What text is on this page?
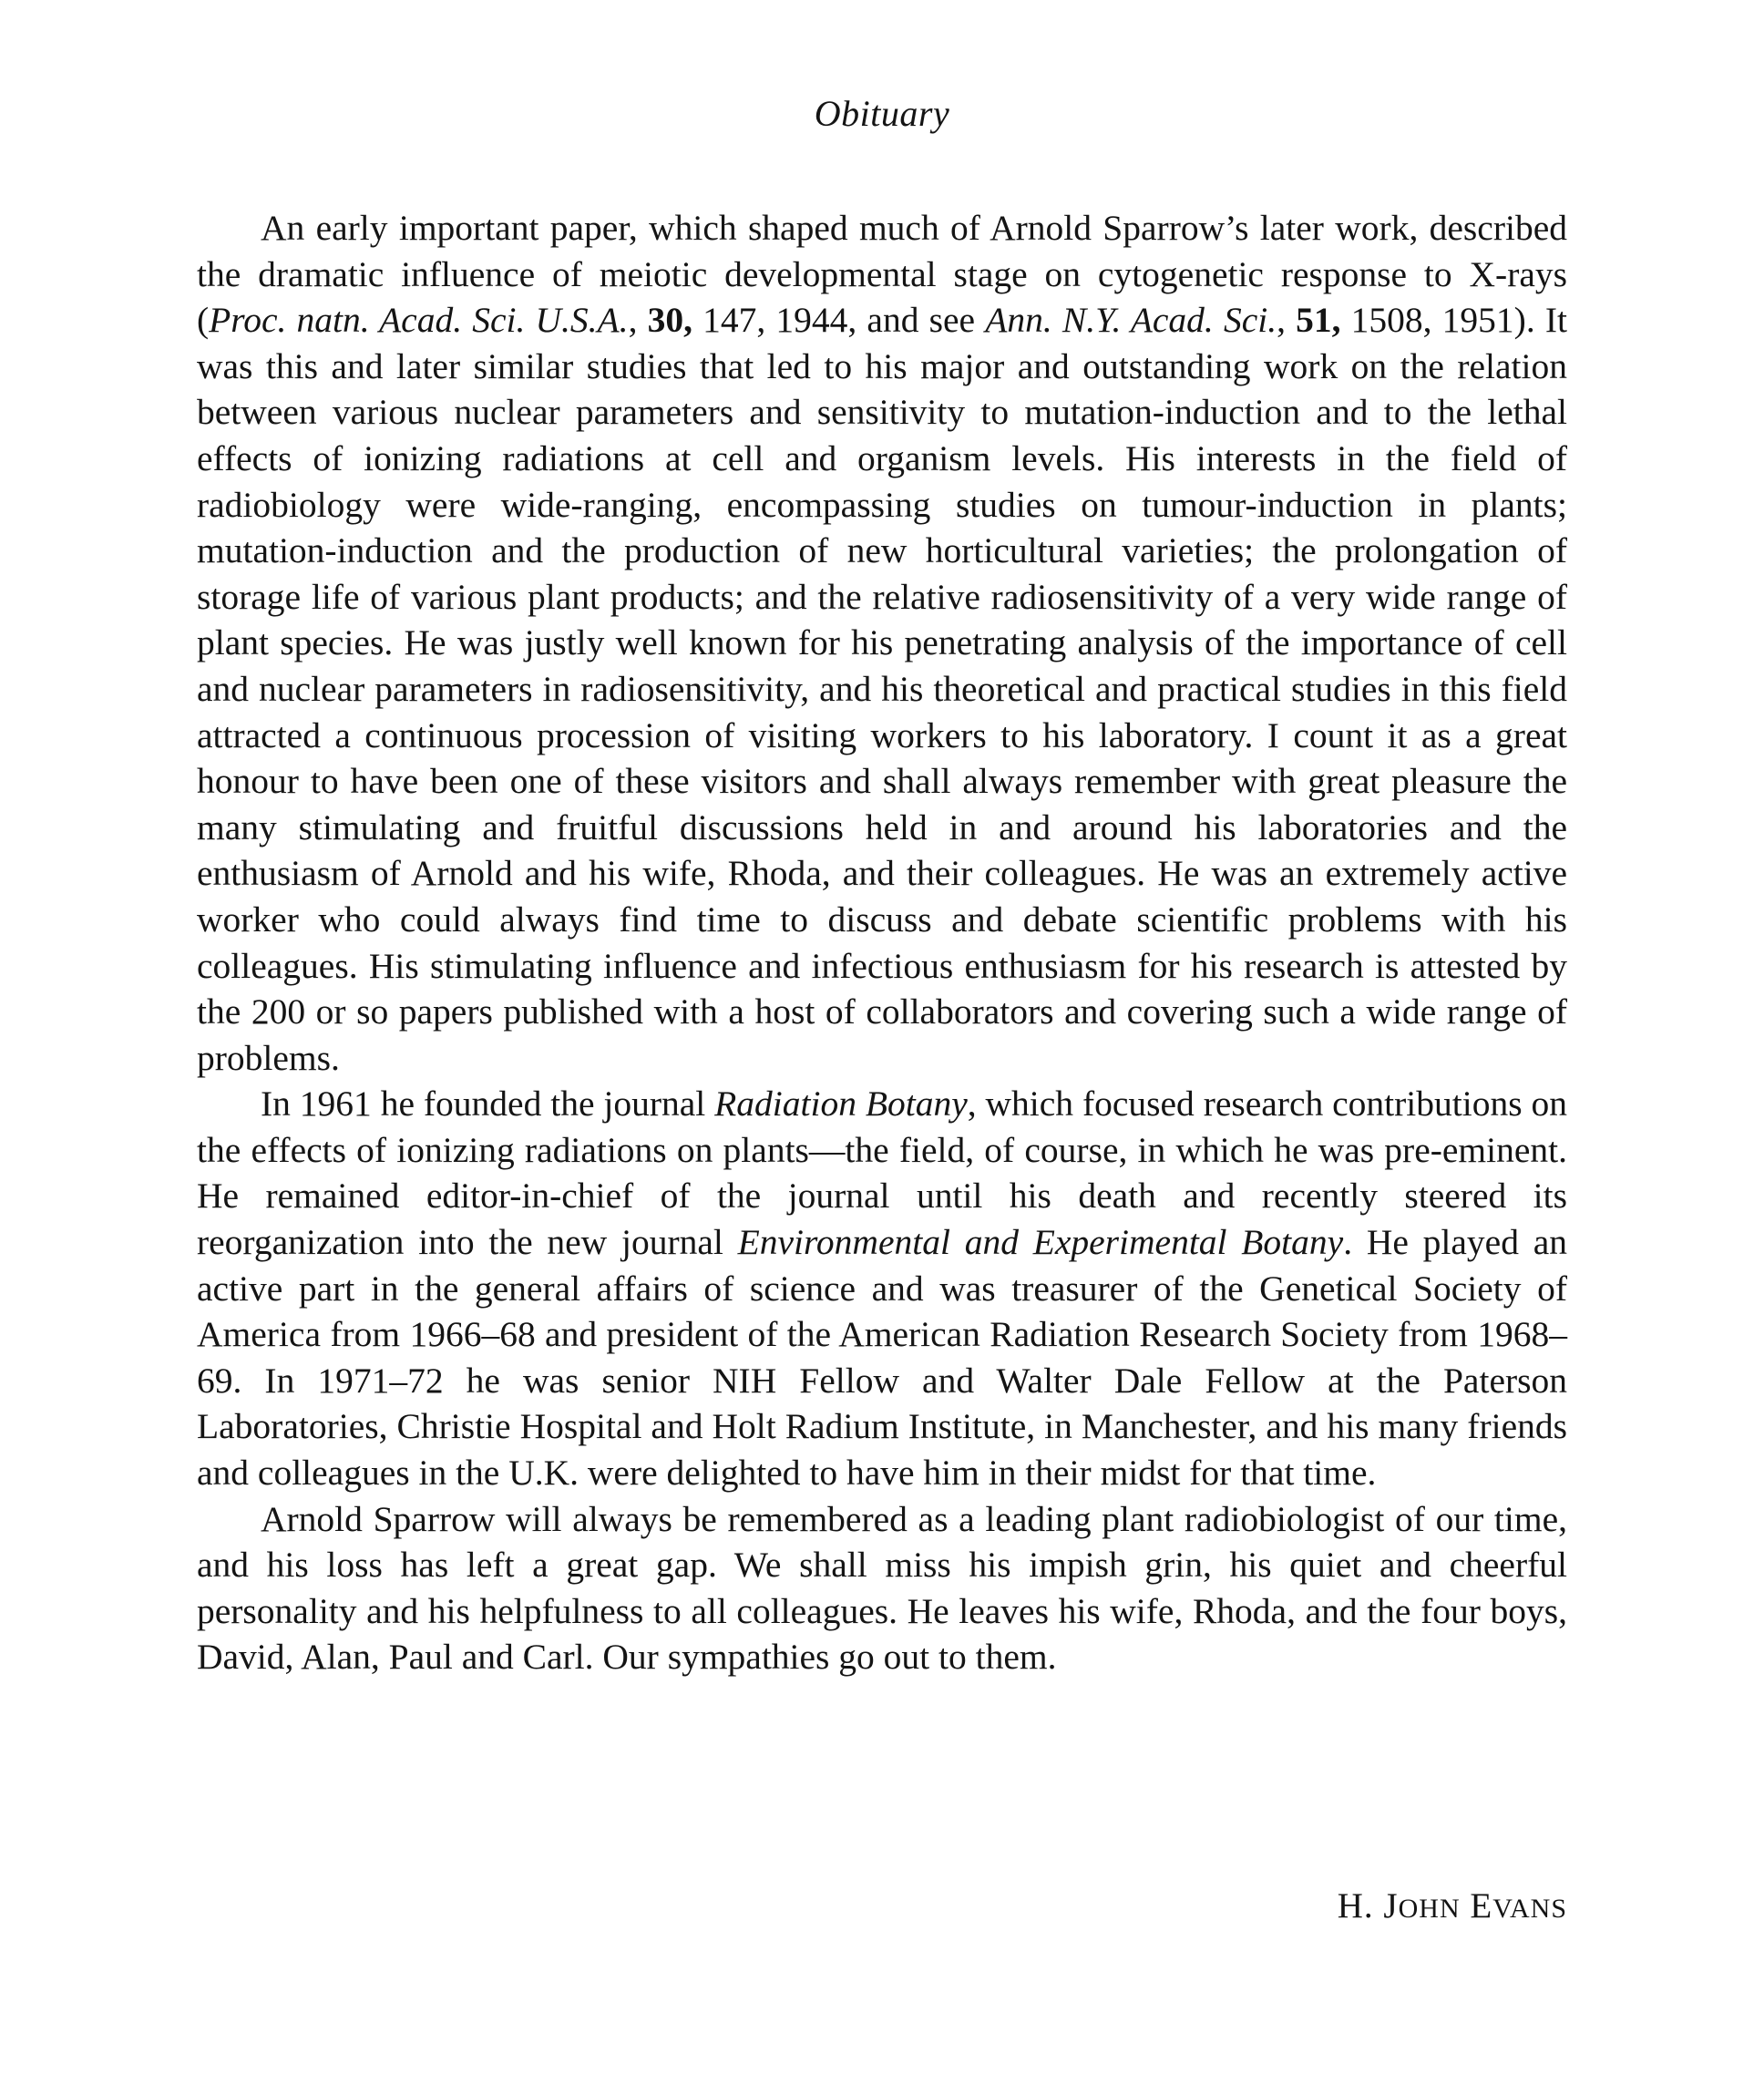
Obituary

An early important paper, which shaped much of Arnold Sparrow’s later work, described the dramatic influence of meiotic developmental stage on cytogenetic response to X-rays (Proc. natn. Acad. Sci. U.S.A., 30, 147, 1944, and see Ann. N.Y. Acad. Sci., 51, 1508, 1951). It was this and later similar studies that led to his major and outstanding work on the relation between various nuclear parameters and sensitivity to mutation-induction and to the lethal effects of ionizing radiations at cell and organism levels. His interests in the field of radiobiology were wide-ranging, encompassing studies on tumour-induction in plants; mutation-induction and the production of new horticultural varieties; the prolongation of storage life of various plant products; and the relative radiosensitivity of a very wide range of plant species. He was justly well known for his penetrating analysis of the importance of cell and nuclear parameters in radiosensitivity, and his theoretical and practical studies in this field attracted a continuous procession of visiting workers to his laboratory. I count it as a great honour to have been one of these visitors and shall always remember with great pleasure the many stimulating and fruitful discussions held in and around his laboratories and the enthusiasm of Arnold and his wife, Rhoda, and their colleagues. He was an extremely active worker who could always find time to discuss and debate scientific problems with his colleagues. His stimulating influence and infectious enthusiasm for his research is attested by the 200 or so papers published with a host of collaborators and covering such a wide range of problems.

In 1961 he founded the journal Radiation Botany, which focused research contributions on the effects of ionizing radiations on plants—the field, of course, in which he was pre-eminent. He remained editor-in-chief of the journal until his death and recently steered its reorganization into the new journal Environmental and Experimental Botany. He played an active part in the general affairs of science and was treasurer of the Genetical Society of America from 1966–68 and president of the American Radiation Research Society from 1968–69. In 1971–72 he was senior NIH Fellow and Walter Dale Fellow at the Paterson Laboratories, Christie Hospital and Holt Radium Institute, in Manchester, and his many friends and colleagues in the U.K. were delighted to have him in their midst for that time.

Arnold Sparrow will always be remembered as a leading plant radiobiologist of our time, and his loss has left a great gap. We shall miss his impish grin, his quiet and cheerful personality and his helpfulness to all colleagues. He leaves his wife, Rhoda, and the four boys, David, Alan, Paul and Carl. Our sympathies go out to them.

H. JOHN EVANS
